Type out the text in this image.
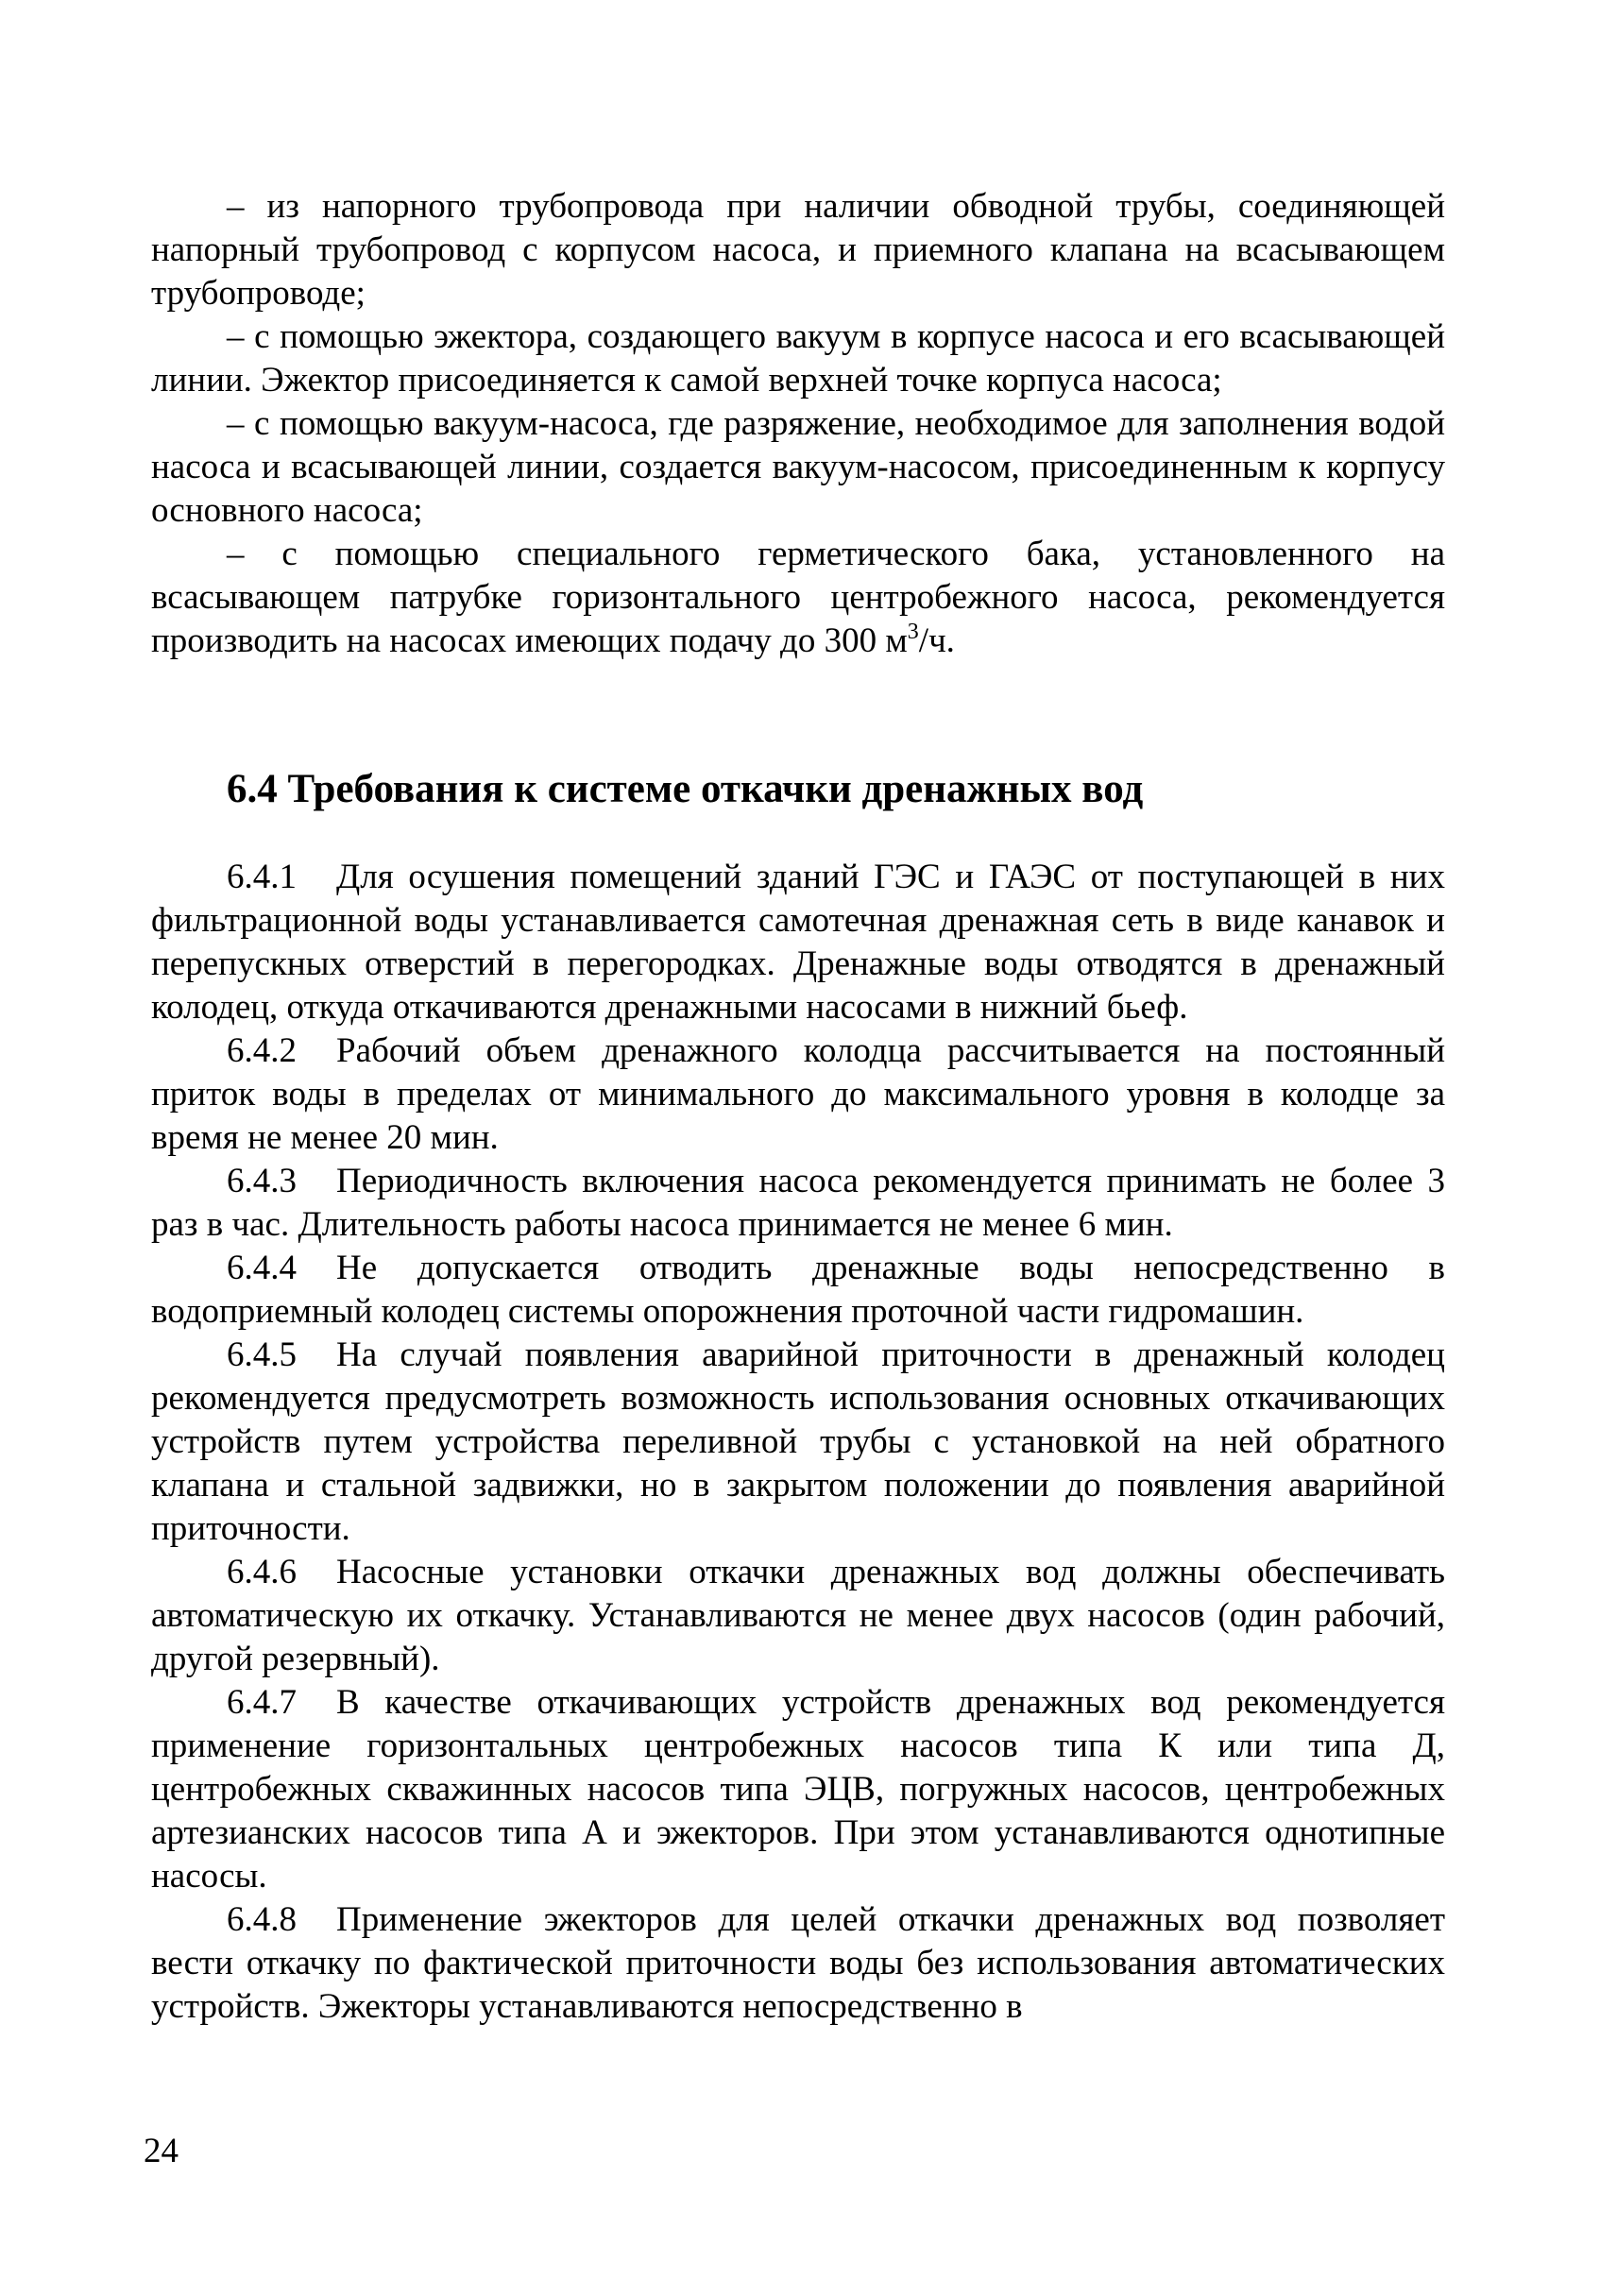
– из напорного трубопровода при наличии обводной трубы, соединяющей напорный трубопровод с корпусом насоса, и приемного клапана на всасывающем трубопроводе;

– с помощью эжектора, создающего вакуум в корпусе насоса и его всасывающей линии. Эжектор присоединяется к самой верхней точке корпуса насоса;

– с помощью вакуум-насоса, где разряжение, необходимое для заполнения водой насоса и всасывающей линии, создается вакуум-насосом, присоединенным к корпусу основного насоса;

– с помощью специального герметического бака, установленного на всасывающем патрубке горизонтального центробежного насоса, рекомендуется производить на насосах имеющих подачу до 300 $м^3/ч$.

6.4 Требования к системе откачки дренажных вод

6.4.1 Для осушения помещений зданий ГЭС и ГАЭС от поступающей в них фильтрационной воды устанавливается самотечная дренажная сеть в виде канавок и перепускных отверстий в перегородках. Дренажные воды отводятся в дренажный колодец, откуда откачиваются дренажными насосами в нижний бьеф.

6.4.2 Рабочий объем дренажного колодца рассчитывается на постоянный приток воды в пределах от минимального до максимального уровня в колодце за время не менее 20 мин.

6.4.3 Периодичность включения насоса рекомендуется принимать не более 3 раз в час. Длительность работы насоса принимается не менее 6 мин.

6.4.4 Не допускается отводить дренажные воды непосредственно в водоприемный колодец системы опорожнения проточной части гидромашин.

6.4.5 На случай появления аварийной приточности в дренажный колодец рекомендуется предусмотреть возможность использования основных откачивающих устройств путем устройства переливной трубы с установкой на ней обратного клапана и стальной задвижки, но в закрытом положении до появления аварийной приточности.

6.4.6 Насосные установки откачки дренажных вод должны обеспечивать автоматическую их откачку. Устанавливаются не менее двух насосов (один рабочий, другой резервный).

6.4.7 В качестве откачивающих устройств дренажных вод рекомендуется применение горизонтальных центробежных насосов типа К или типа Д, центробежных скважинных насосов типа ЭЦВ, погружных насосов, центробежных артезианских насосов типа А и эжекторов. При этом устанавливаются однотипные насосы.

6.4.8 Применение эжекторов для целей откачки дренажных вод позволяет вести откачку по фактической приточности воды без использования автоматических устройств. Эжекторы устанавливаются непосредственно в

24
